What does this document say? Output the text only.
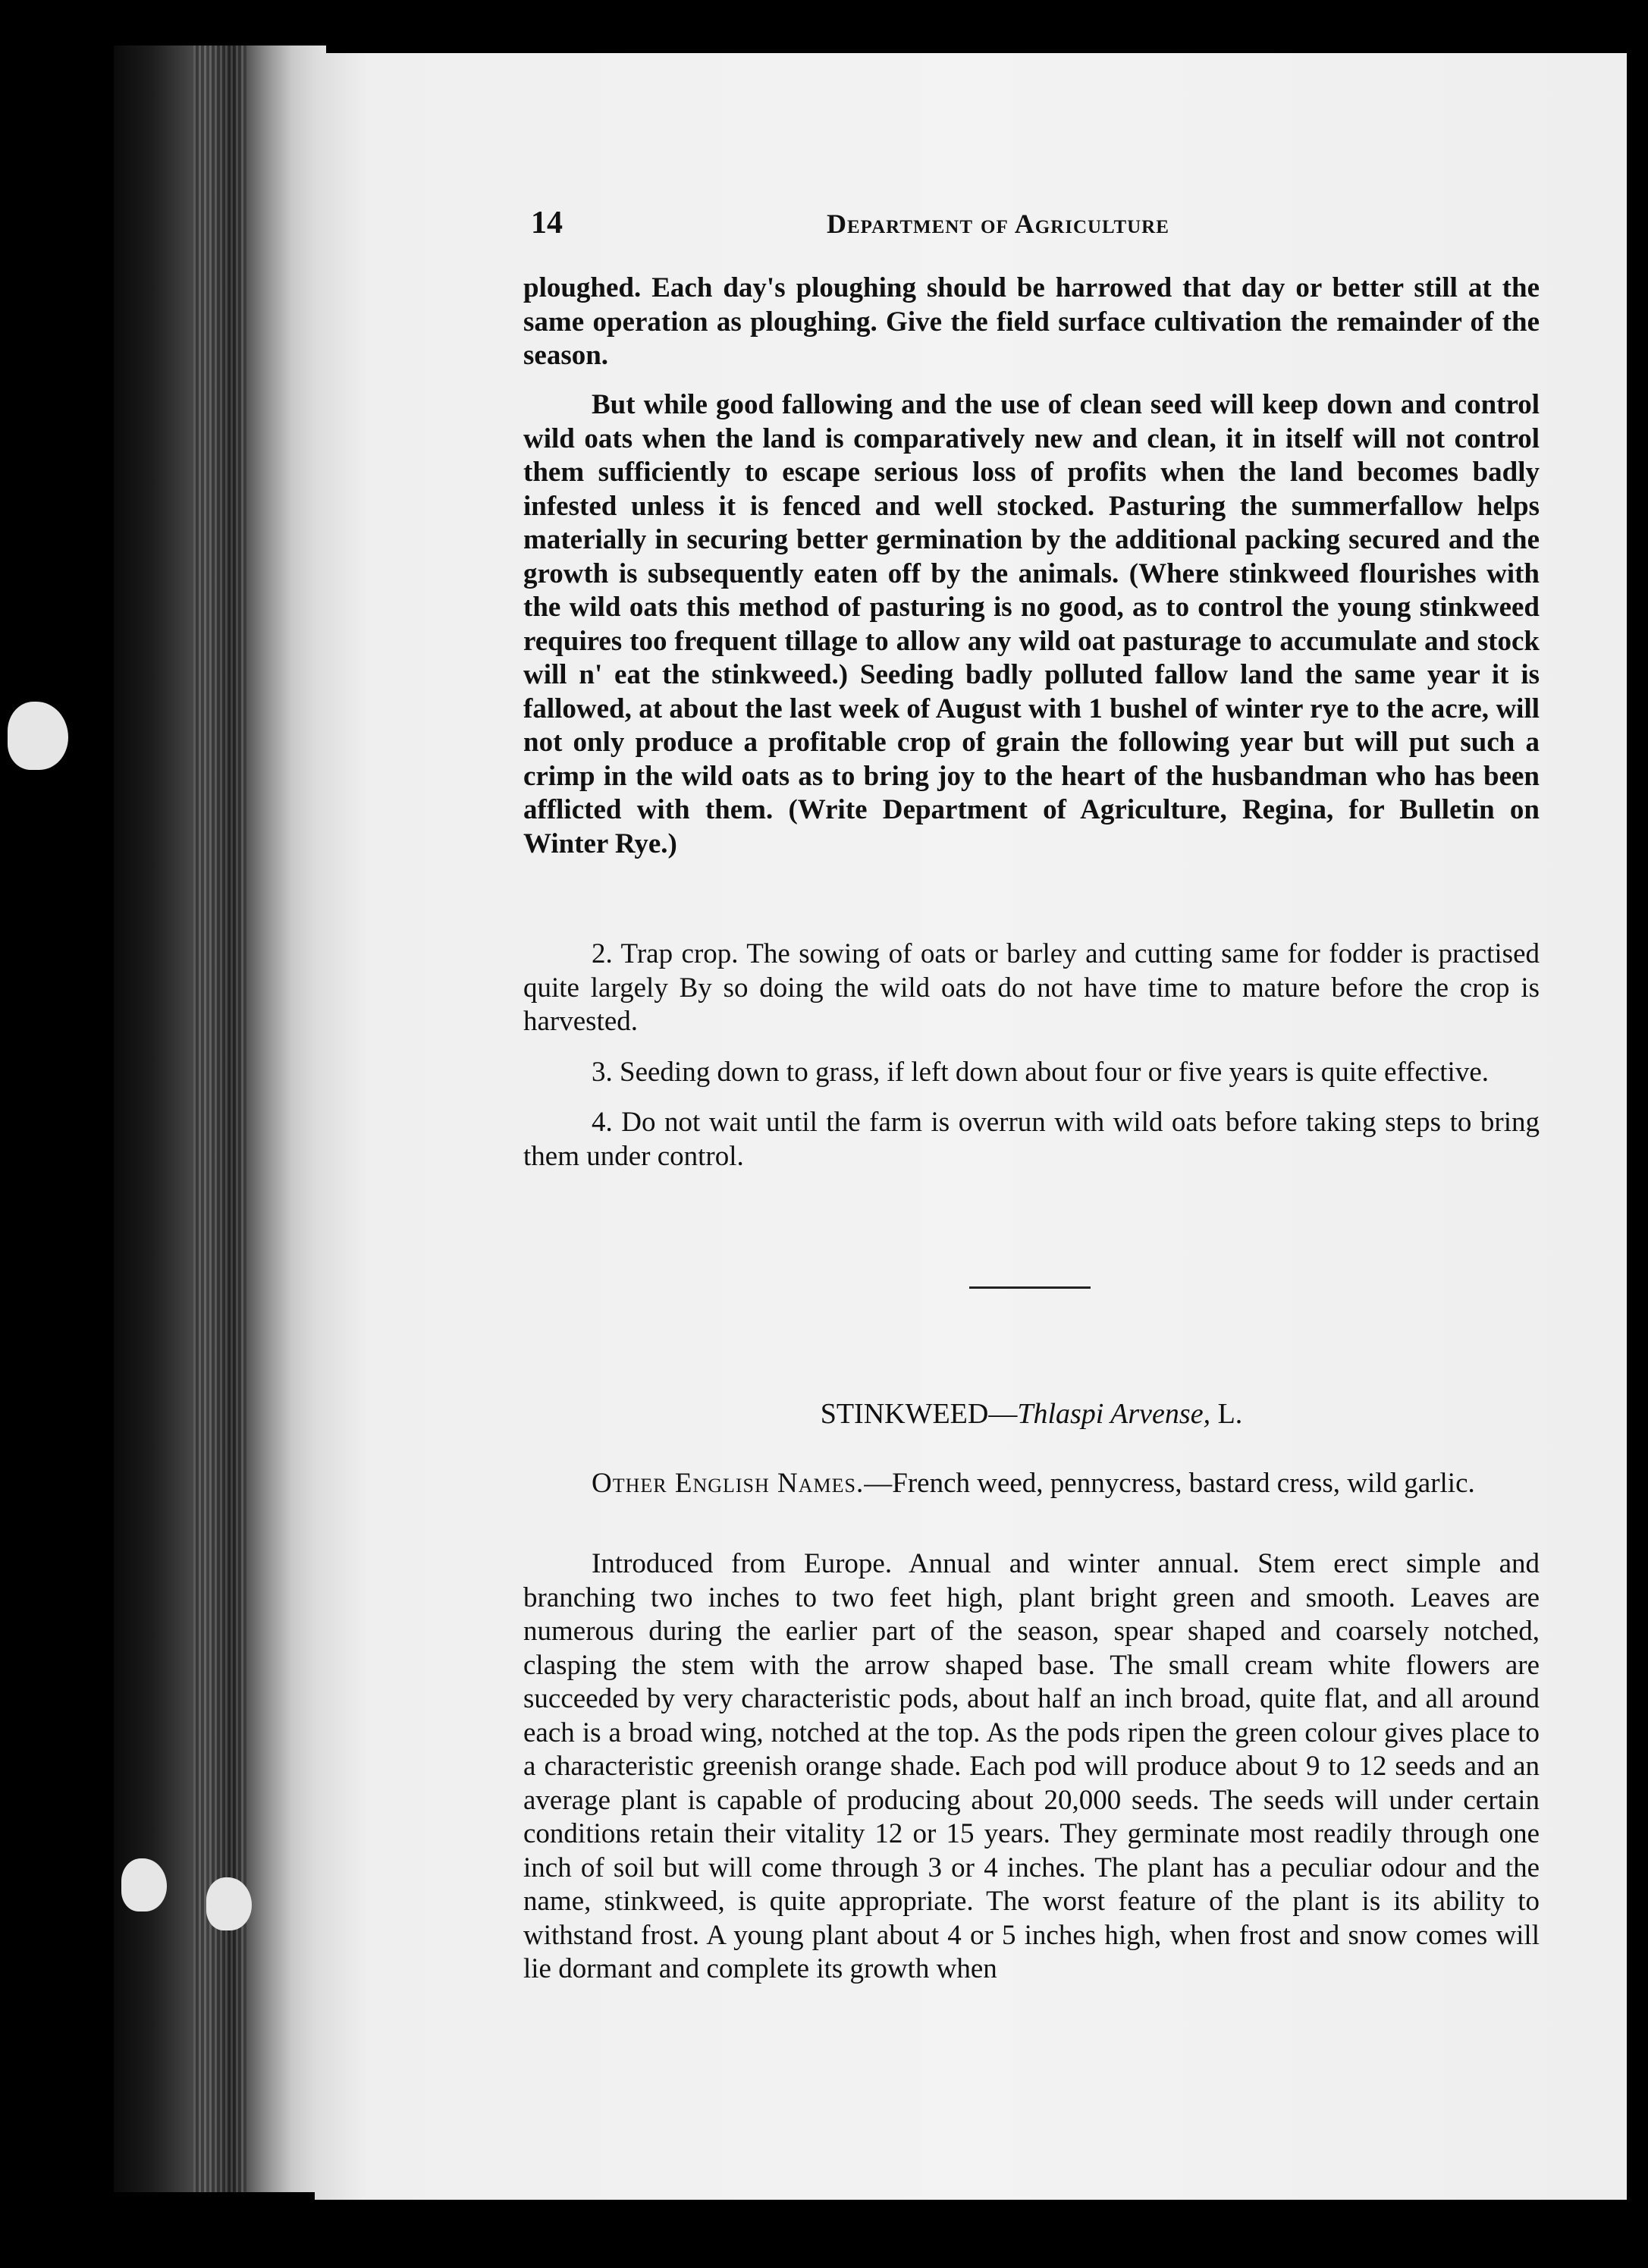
14	Department of Agriculture

ploughed. Each day's ploughing should be harrowed that day or better still at the same operation as ploughing. Give the field surface cultivation the remainder of the season.

But while good fallowing and the use of clean seed will keep down and control wild oats when the land is comparatively new and clean, it in itself will not control them sufficiently to escape serious loss of profits when the land becomes badly infested unless it is fenced and well stocked. Pasturing the summerfallow helps materially in securing better germination by the additional packing secured and the growth is subsequently eaten off by the animals. (Where stinkweed flourishes with the wild oats this method of pasturing is no good, as to control the young stinkweed requires too frequent tillage to allow any wild oat pasturage to accumulate and stock will n' eat the stinkweed.) Seeding badly polluted fallow land the same year it is fallowed, at about the last week of August with 1 bushel of winter rye to the acre, will not only produce a profitable crop of grain the following year but will put such a crimp in the wild oats as to bring joy to the heart of the husbandman who has been afflicted with them. (Write Department of Agriculture, Regina, for Bulletin on Winter Rye.)

2. Trap crop. The sowing of oats or barley and cutting same for fodder is practised quite largely By so doing the wild oats do not have time to mature before the crop is harvested.

3. Seeding down to grass, if left down about four or five years is quite effective.

4. Do not wait until the farm is overrun with wild oats before taking steps to bring them under control.

STINKWEED—Thlaspi Arvense, L.

Other English Names.—French weed, pennycress, bastard cress, wild garlic.

Introduced from Europe. Annual and winter annual. Stem erect simple and branching two inches to two feet high, plant bright green and smooth. Leaves are numerous during the earlier part of the season, spear shaped and coarsely notched, clasping the stem with the arrow shaped base. The small cream white flowers are succeeded by very characteristic pods, about half an inch broad, quite flat, and all around each is a broad wing, notched at the top. As the pods ripen the green colour gives place to a characteristic greenish orange shade. Each pod will produce about 9 to 12 seeds and an average plant is capable of producing about 20,000 seeds. The seeds will under certain conditions retain their vitality 12 or 15 years. They germinate most readily through one inch of soil but will come through 3 or 4 inches. The plant has a peculiar odour and the name, stinkweed, is quite appropriate. The worst feature of the plant is its ability to withstand frost. A young plant about 4 or 5 inches high, when frost and snow comes will lie dormant and complete its growth when
